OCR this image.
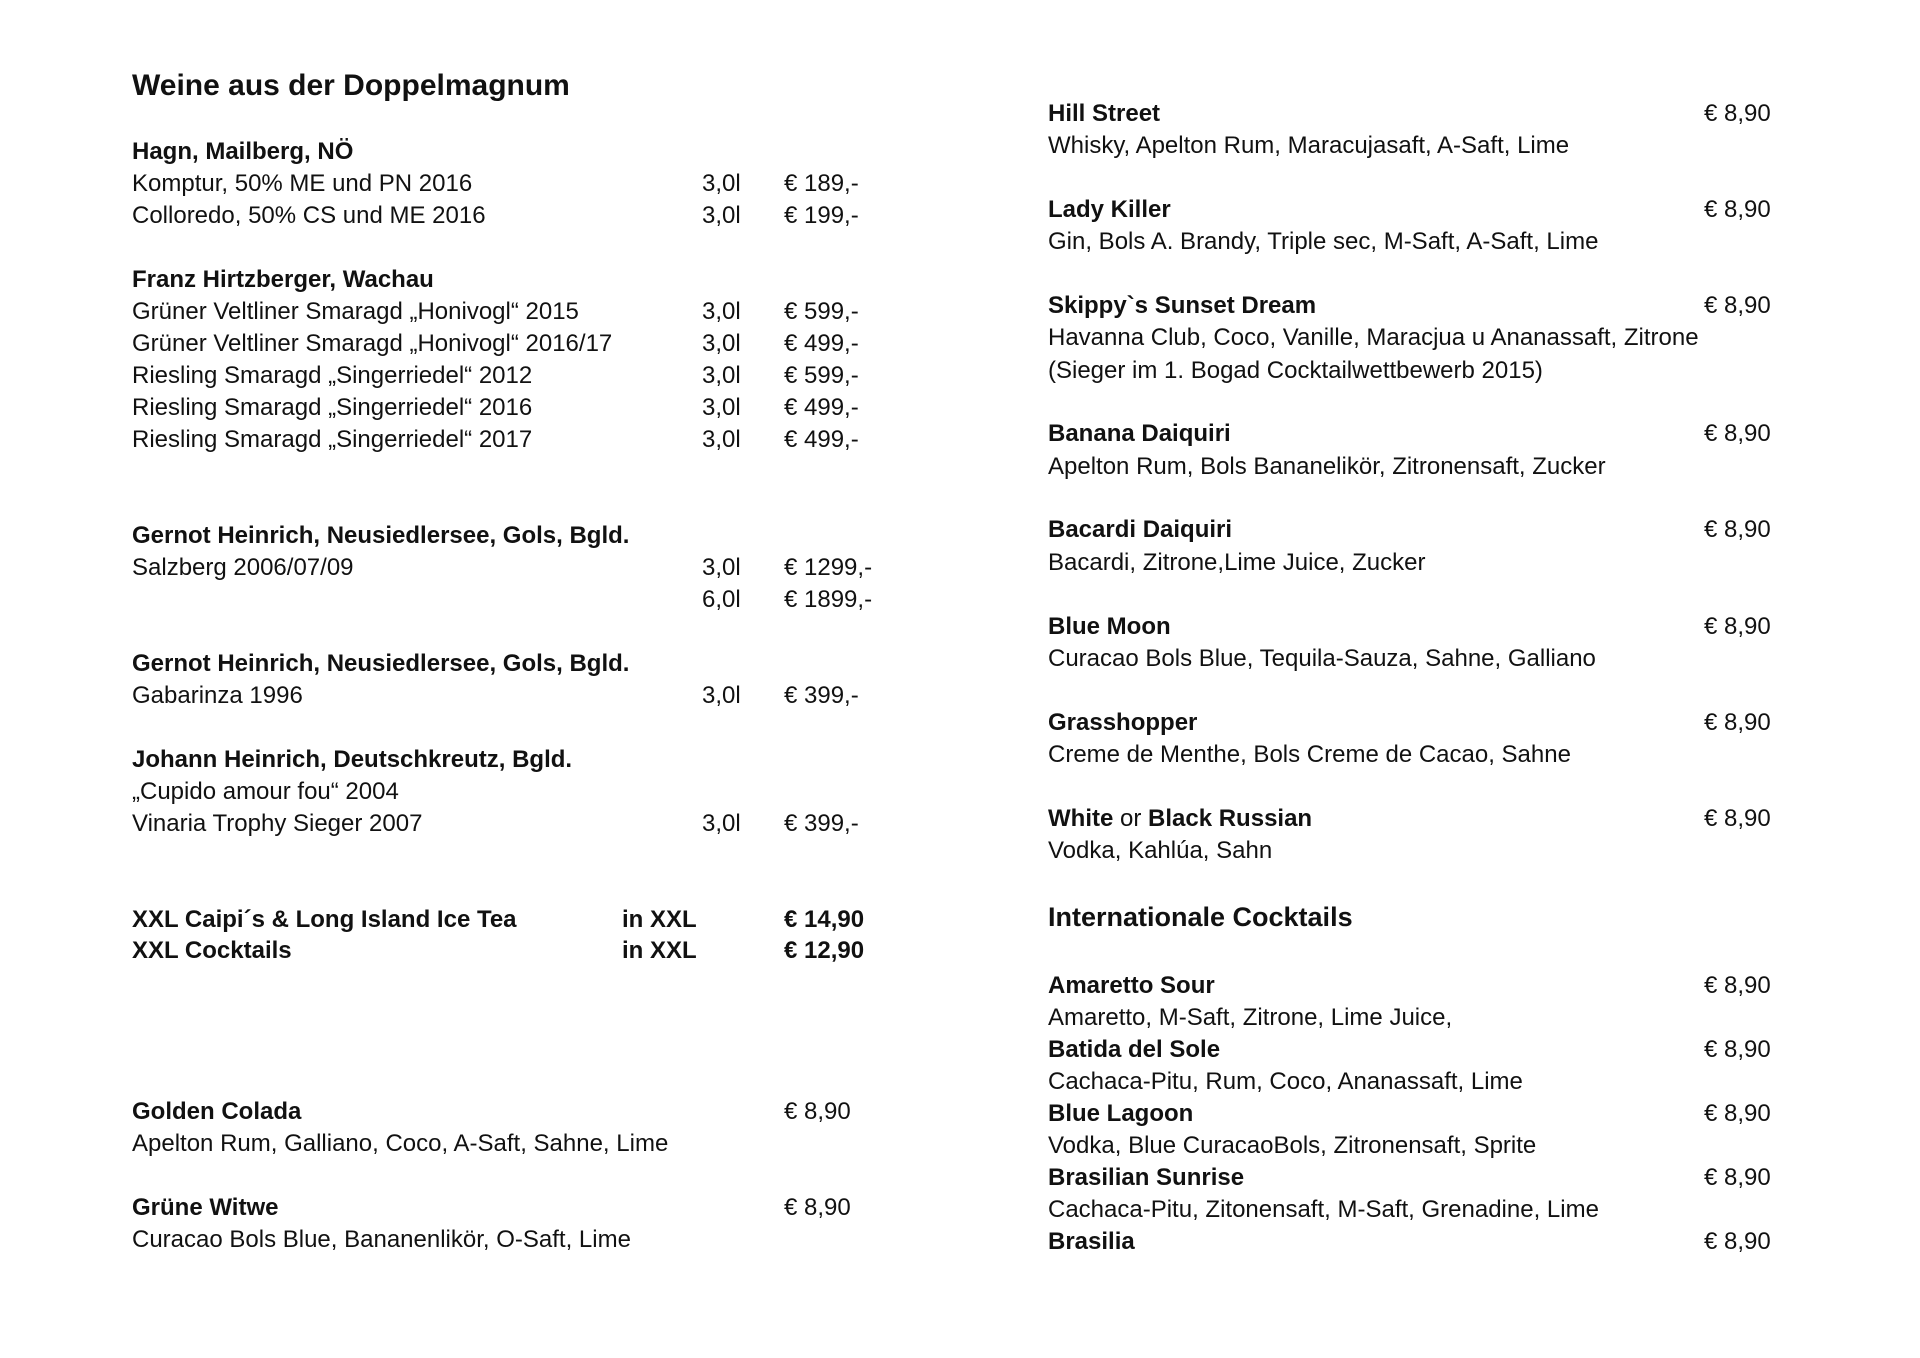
Weine aus der Doppelmagnum
Hagn, Mailberg, NÖ
Komptur, 50% ME und PN 2016	3,0l € 189,-
Colloredo, 50% CS und ME 2016	3,0l € 199,-
Franz Hirtzberger, Wachau
Grüner Veltliner Smaragd „Honivogl“ 2015	3,0l € 599,-
Grüner Veltliner Smaragd „Honivogl“ 2016/17	3,0l € 499,-
Riesling Smaragd „Singerriedel“ 2012	3,0l € 599,-
Riesling Smaragd „Singerriedel“ 2016	3,0l € 499,-
Riesling Smaragd „Singerriedel“ 2017	3,0l € 499,-
Gernot Heinrich, Neusiedlersee, Gols, Bgld.
Salzberg 2006/07/09	3,0l € 1299,-
6,0l € 1899,-
Gernot Heinrich, Neusiedlersee, Gols, Bgld.
Gabarinza 1996	3,0l € 399,-
Johann Heinrich, Deutschkreutz, Bgld.
„Cupido amour fou“ 2004
Vinaria Trophy Sieger 2007	3,0l € 399,-
XXL Caipi´s & Long Island Ice Tea	in XXL	€ 14,90
XXL Cocktails	in XXL	€ 12,90
Golden Colada	€ 8,90
Apelton Rum, Galliano, Coco, A-Saft, Sahne, Lime
Grüne Witwe	€ 8,90
Curacao Bols Blue, Bananenlikör, O-Saft, Lime
Hill Street	€ 8,90
Whisky, Apelton Rum, Maracujasaft, A-Saft, Lime
Lady Killer	€ 8,90
Gin, Bols A. Brandy, Triple sec, M-Saft, A-Saft, Lime
Skippy`s Sunset Dream	€ 8,90
Havanna Club, Coco, Vanille, Maracjua u Ananassaft, Zitrone
(Sieger im 1. Bogad Cocktailwettbewerb 2015)
Banana Daiquiri	€ 8,90
Apelton Rum, Bols Bananelikör, Zitronensaft, Zucker
Bacardi Daiquiri	€ 8,90
Bacardi, Zitrone,Lime Juice, Zucker
Blue Moon	€ 8,90
Curacao Bols Blue, Tequila-Sauza, Sahne, Galliano
Grasshopper	€ 8,90
Creme de Menthe, Bols Creme de Cacao, Sahne
White or Black Russian	€ 8,90
Vodka, Kahlúa, Sahn
Internationale Cocktails
Amaretto Sour	€ 8,90
Amaretto, M-Saft, Zitrone, Lime Juice,
Batida del Sole	€ 8,90
Cachaca-Pitu, Rum, Coco, Ananassaft, Lime
Blue Lagoon	€ 8,90
Vodka, Blue CuracaoBols, Zitronensaft, Sprite
Brasilian Sunrise	€ 8,90
Cachaca-Pitu, Zitonensaft, M-Saft, Grenadine, Lime
Brasilia	€ 8,90
